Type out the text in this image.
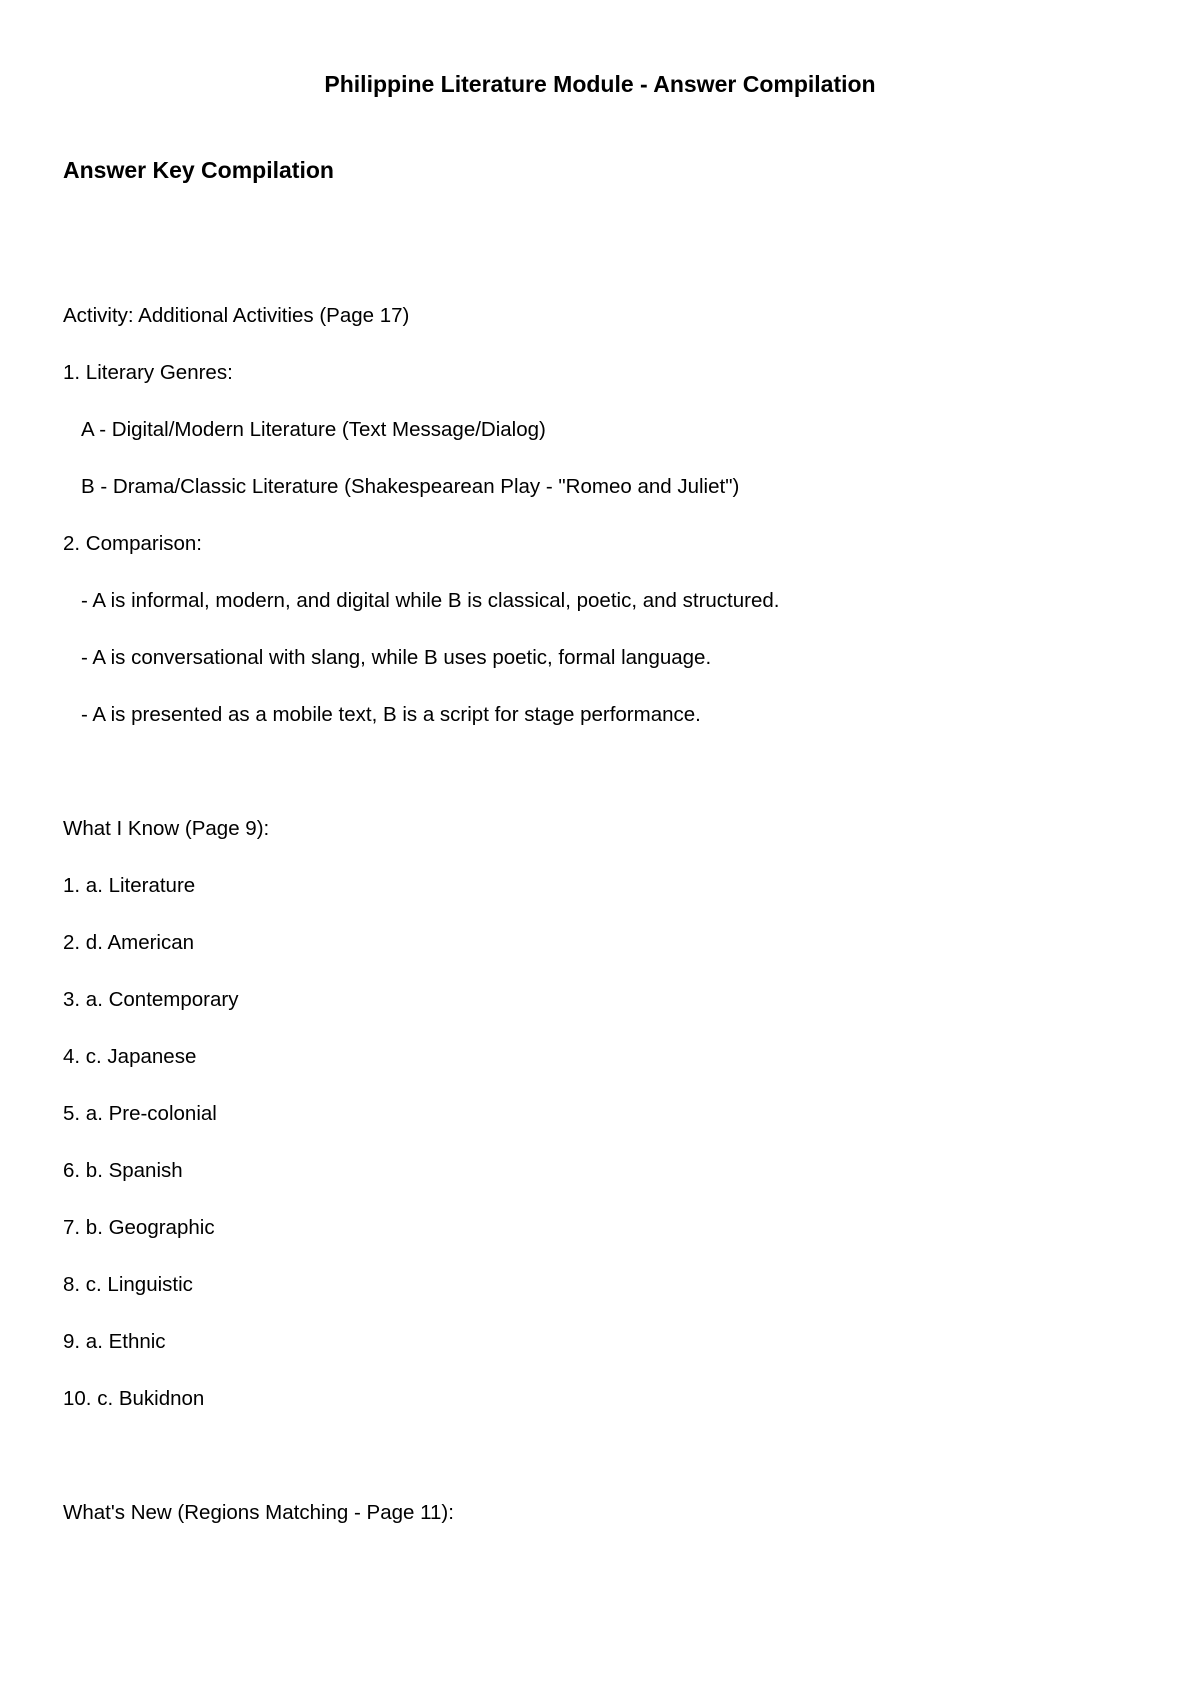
Philippine Literature Module - Answer Compilation
Answer Key Compilation

Activity: Additional Activities (Page 17)

1. Literary Genres:

A - Digital/Modern Literature (Text Message/Dialog)

B - Drama/Classic Literature (Shakespearean Play - "Romeo and Juliet")

2. Comparison:

- A is informal, modern, and digital while B is classical, poetic, and structured.

- A is conversational with slang, while B uses poetic, formal language.

- A is presented as a mobile text, B is a script for stage performance.

What I Know (Page 9):

1. a. Literature

2. d. American

3. a. Contemporary

4. c. Japanese

5. a. Pre-colonial

6. b. Spanish

7. b. Geographic

8. c. Linguistic

9. a. Ethnic

10. c. Bukidnon

What's New (Regions Matching - Page 11):
